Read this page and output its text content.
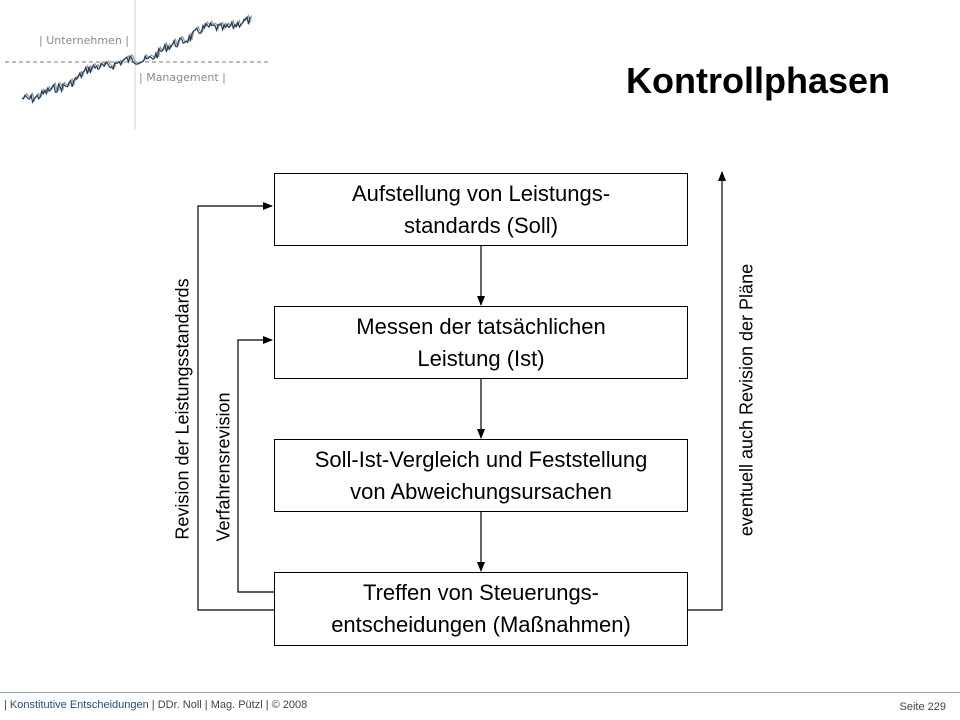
| Unternehmen |
| Management |	Kontrollphasen
Aufstellung von Leistungs-
standards (Soll)
Messen der tatsächlichen
Leistung (Ist)
Soll-Ist-Vergleich und Feststellung
von Abweichungsursachen
Treffen von Steuerungs-
entscheidungen (Maßnahmen)
Revision der Leistungsstandards Verfahrensrevision	eventuell auch Revision der Pläne
| Konstitutive Entscheidungen | DDr. Noll | Mag. Pützl | © 2008	Seite 229
